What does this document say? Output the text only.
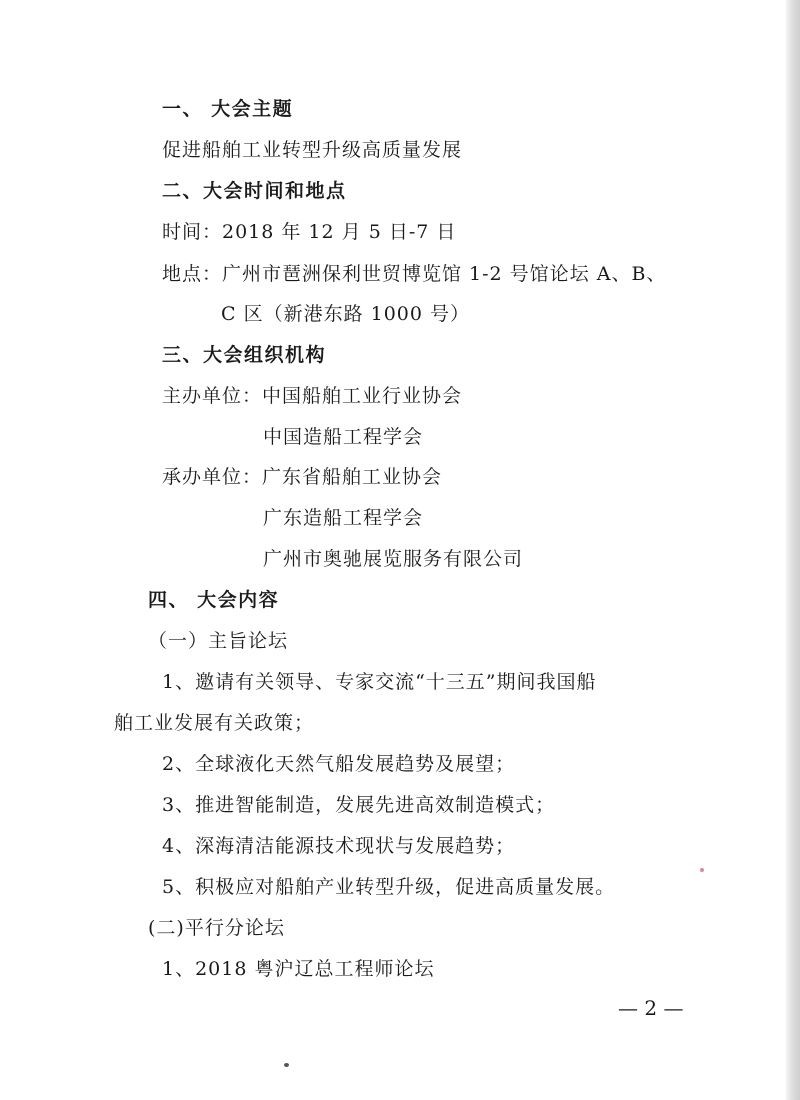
一、 大会主题
促进船舶工业转型升级高质量发展
二、大会时间和地点
时间：2018 年 12 月 5 日-7 日
地点：广州市琶洲保利世贸博览馆 1-2 号馆论坛 A、B、
C 区（新港东路 1000 号）
三、大会组织机构
主办单位：中国船舶工业行业协会
中国造船工程学会
承办单位：广东省船舶工业协会
广东造船工程学会
广州市奥驰展览服务有限公司
四、 大会内容
（一）主旨论坛
1、邀请有关领导、专家交流“十三五”期间我国船
舶工业发展有关政策；
2、全球液化天然气船发展趋势及展望；
3、推进智能制造，发展先进高效制造模式；
4、深海清洁能源技术现状与发展趋势；
5、积极应对船舶产业转型升级，促进高质量发展。
(二)平行分论坛
1、2018 粤沪辽总工程师论坛
— 2 —
